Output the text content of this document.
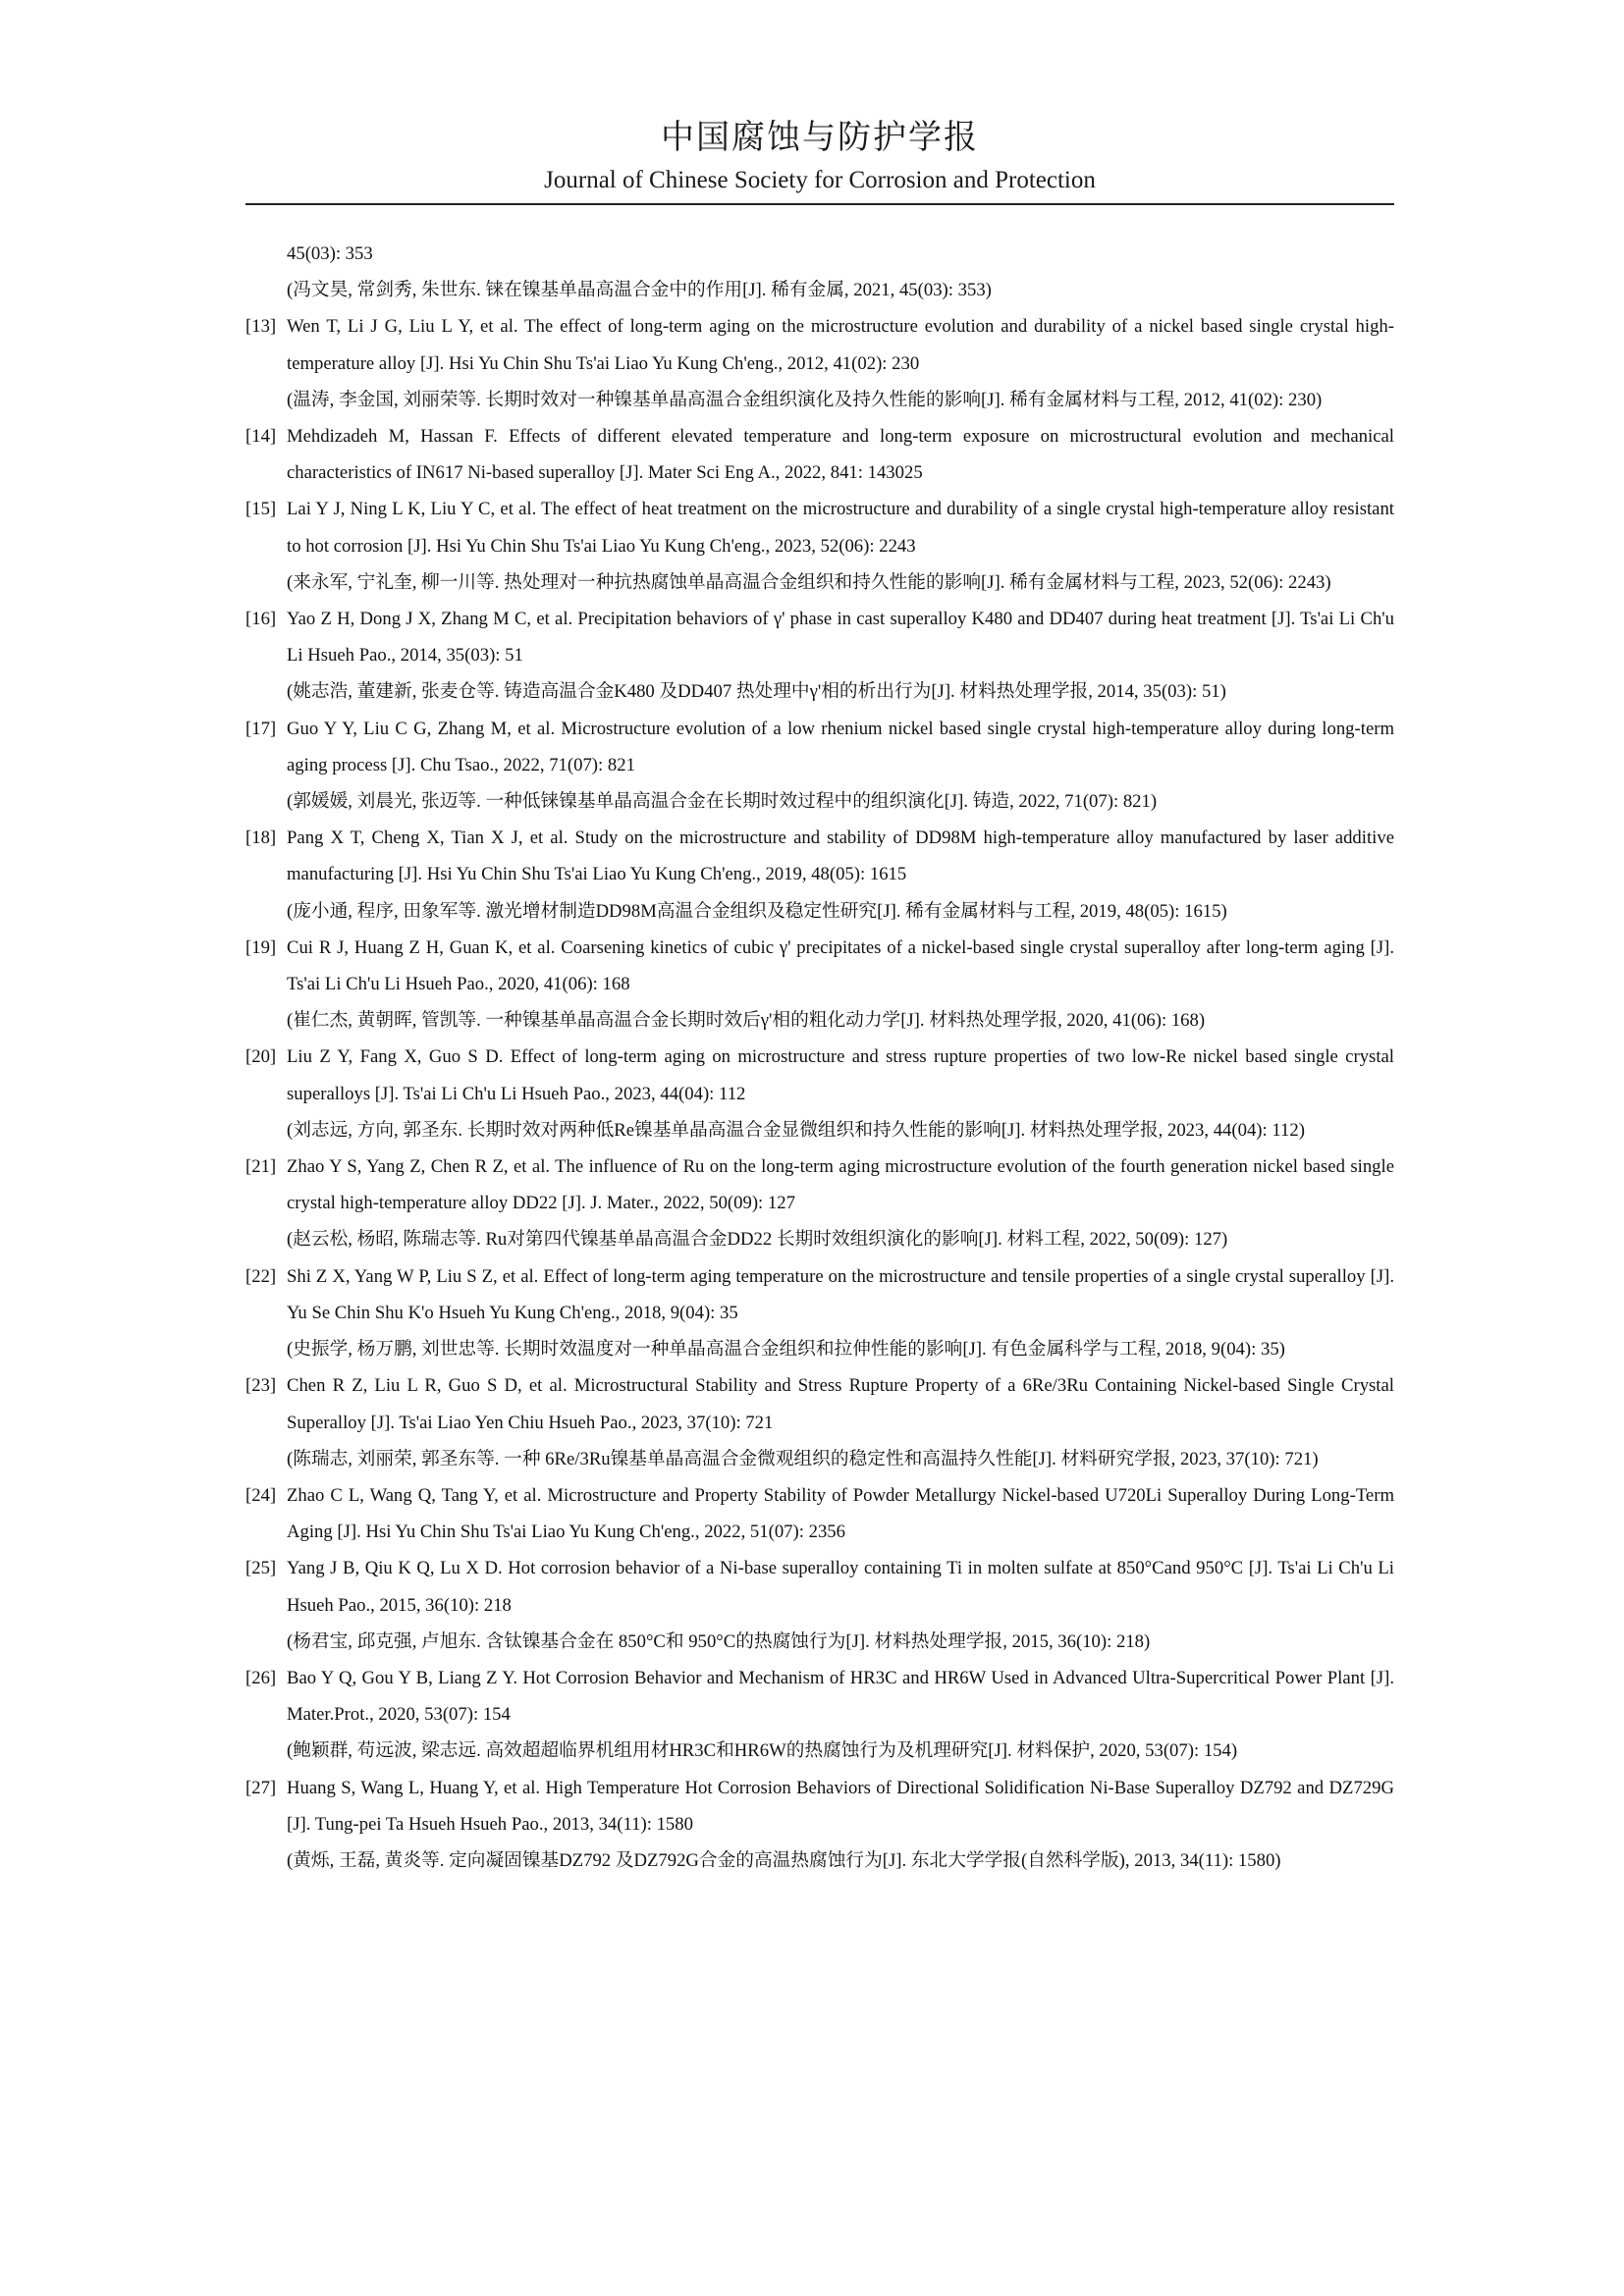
中国腐蚀与防护学报
Journal of Chinese Society for Corrosion and Protection
45(03): 353
(冯文昊, 常剑秀, 朱世东. 铼在镍基单晶高温合金中的作用[J]. 稀有金属, 2021, 45(03): 353)
[13] Wen T, Li J G, Liu L Y, et al. The effect of long-term aging on the microstructure evolution and durability of a nickel based single crystal high-temperature alloy [J]. Hsi Yu Chin Shu Ts'ai Liao Yu Kung Ch'eng., 2012, 41(02): 230
(温涛, 李金国, 刘丽荣等. 长期时效对一种镍基单晶高温合金组织演化及持久性能的影响[J]. 稀有金属材料与工程, 2012, 41(02): 230)
[14] Mehdizadeh M, Hassan F. Effects of different elevated temperature and long-term exposure on microstructural evolution and mechanical characteristics of IN617 Ni-based superalloy [J]. Mater Sci Eng A., 2022, 841: 143025
[15] Lai Y J, Ning L K, Liu Y C, et al. The effect of heat treatment on the microstructure and durability of a single crystal high-temperature alloy resistant to hot corrosion [J]. Hsi Yu Chin Shu Ts'ai Liao Yu Kung Ch'eng., 2023, 52(06): 2243
(来永军, 宁礼奎, 柳一川等. 热处理对一种抗热腐蚀单晶高温合金组织和持久性能的影响[J]. 稀有金属材料与工程, 2023, 52(06): 2243)
[16] Yao Z H, Dong J X, Zhang M C, et al. Precipitation behaviors of γ' phase in cast superalloy K480 and DD407 during heat treatment [J]. Ts'ai Li Ch'u Li Hsueh Pao., 2014, 35(03): 51
(姚志浩, 董建新, 张麦仓等. 铸造高温合金K480 及DD407 热处理中γ'相的析出行为[J]. 材料热处理学报, 2014, 35(03): 51)
[17] Guo Y Y, Liu C G, Zhang M, et al. Microstructure evolution of a low rhenium nickel based single crystal high-temperature alloy during long-term aging process [J]. Chu Tsao., 2022, 71(07): 821
(郭媛媛, 刘晨光, 张迈等. 一种低铼镍基单晶高温合金在长期时效过程中的组织演化[J]. 铸造, 2022, 71(07): 821)
[18] Pang X T, Cheng X, Tian X J, et al. Study on the microstructure and stability of DD98M high-temperature alloy manufactured by laser additive manufacturing [J]. Hsi Yu Chin Shu Ts'ai Liao Yu Kung Ch'eng., 2019, 48(05): 1615
(庞小通, 程序, 田象军等. 激光增材制造DD98M高温合金组织及稳定性研究[J]. 稀有金属材料与工程, 2019, 48(05): 1615)
[19] Cui R J, Huang Z H, Guan K, et al. Coarsening kinetics of cubic γ' precipitates of a nickel-based single crystal superalloy after long-term aging [J]. Ts'ai Li Ch'u Li Hsueh Pao., 2020, 41(06): 168
(崔仁杰, 黄朝晖, 管凯等. 一种镍基单晶高温合金长期时效后γ'相的粗化动力学[J]. 材料热处理学报, 2020, 41(06): 168)
[20] Liu Z Y, Fang X, Guo S D. Effect of long-term aging on microstructure and stress rupture properties of two low-Re nickel based single crystal superalloys [J]. Ts'ai Li Ch'u Li Hsueh Pao., 2023, 44(04): 112
(刘志远, 方向, 郭圣东. 长期时效对两种低Re镍基单晶高温合金显微组织和持久性能的影响[J]. 材料热处理学报, 2023, 44(04): 112)
[21] Zhao Y S, Yang Z, Chen R Z, et al. The influence of Ru on the long-term aging microstructure evolution of the fourth generation nickel based single crystal high-temperature alloy DD22 [J]. J. Mater., 2022, 50(09): 127
(赵云松, 杨昭, 陈瑞志等. Ru对第四代镍基单晶高温合金DD22 长期时效组织演化的影响[J]. 材料工程, 2022, 50(09): 127)
[22] Shi Z X, Yang W P, Liu S Z, et al. Effect of long-term aging temperature on the microstructure and tensile properties of a single crystal superalloy [J]. Yu Se Chin Shu K'o Hsueh Yu Kung Ch'eng., 2018, 9(04): 35
(史振学, 杨万鹏, 刘世忠等. 长期时效温度对一种单晶高温合金组织和拉伸性能的影响[J]. 有色金属科学与工程, 2018, 9(04): 35)
[23] Chen R Z, Liu L R, Guo S D, et al. Microstructural Stability and Stress Rupture Property of a 6Re/3Ru Containing Nickel-based Single Crystal Superalloy [J]. Ts'ai Liao Yen Chiu Hsueh Pao., 2023, 37(10): 721
(陈瑞志, 刘丽荣, 郭圣东等. 一种 6Re/3Ru镍基单晶高温合金微观组织的稳定性和高温持久性能[J]. 材料研究学报, 2023, 37(10): 721)
[24] Zhao C L, Wang Q, Tang Y, et al. Microstructure and Property Stability of Powder Metallurgy Nickel-based U720Li Superalloy During Long-Term Aging [J]. Hsi Yu Chin Shu Ts'ai Liao Yu Kung Ch'eng., 2022, 51(07): 2356
[25] Yang J B, Qiu K Q, Lu X D. Hot corrosion behavior of a Ni-base superalloy containing Ti in molten sulfate at 850°Cand 950°C [J]. Ts'ai Li Ch'u Li Hsueh Pao., 2015, 36(10): 218
(杨君宝, 邱克强, 卢旭东. 含钛镍基合金在 850°C和 950°C的热腐蚀行为[J]. 材料热处理学报, 2015, 36(10): 218)
[26] Bao Y Q, Gou Y B, Liang Z Y. Hot Corrosion Behavior and Mechanism of HR3C and HR6W Used in Advanced Ultra-Supercritical Power Plant [J]. Mater.Prot., 2020, 53(07): 154
(鲍颖群, 苟远波, 梁志远. 高效超超临界机组用材HR3C和HR6W的热腐蚀行为及机理研究[J]. 材料保护, 2020, 53(07): 154)
[27] Huang S, Wang L, Huang Y, et al. High Temperature Hot Corrosion Behaviors of Directional Solidification Ni-Base Superalloy DZ792 and DZ729G [J]. Tung-pei Ta Hsueh Hsueh Pao., 2013, 34(11): 1580
(黄烁, 王磊, 黄炎等. 定向凝固镍基DZ792 及DZ792G合金的高温热腐蚀行为[J]. 东北大学学报(自然科学版), 2013, 34(11): 1580)
